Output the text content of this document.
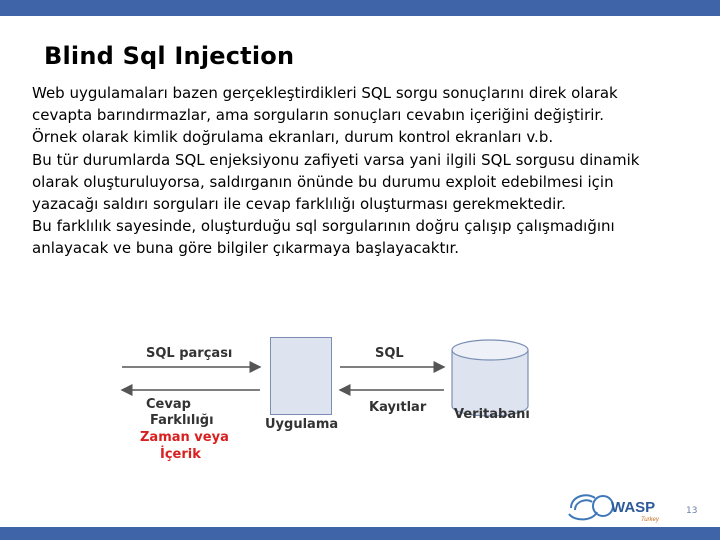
Blind Sql Injection
Web uygulamaları bazen gerçekleştirdikleri SQL sorgu sonuçlarını direk olarak
cevapta barındırmazlar, ama sorguların sonuçları cevabın içeriğini değiştirir.
Örnek olarak kimlik doğrulama ekranları, durum kontrol ekranları v.b.
Bu tür durumlarda SQL enjeksiyonu zafiyeti varsa yani ilgili SQL sorgusu dinamik
olarak oluşturuluyorsa, saldırganın önünde bu durumu exploit edebilmesi için
yazacağı saldırı sorguları ile cevap farklılığı oluşturması gerekmektedir.
Bu farklılık sayesinde, oluşturduğu sql sorgularının doğru çalışıp çalışmadığını
anlayacak ve buna göre bilgiler çıkarmaya başlayacaktır.
SQL parçası
Cevap
Farklılığı
Zaman veya
İçerik
Uygulama
SQL
Kayıtlar Veritabanı
WASP
Turkey
13
